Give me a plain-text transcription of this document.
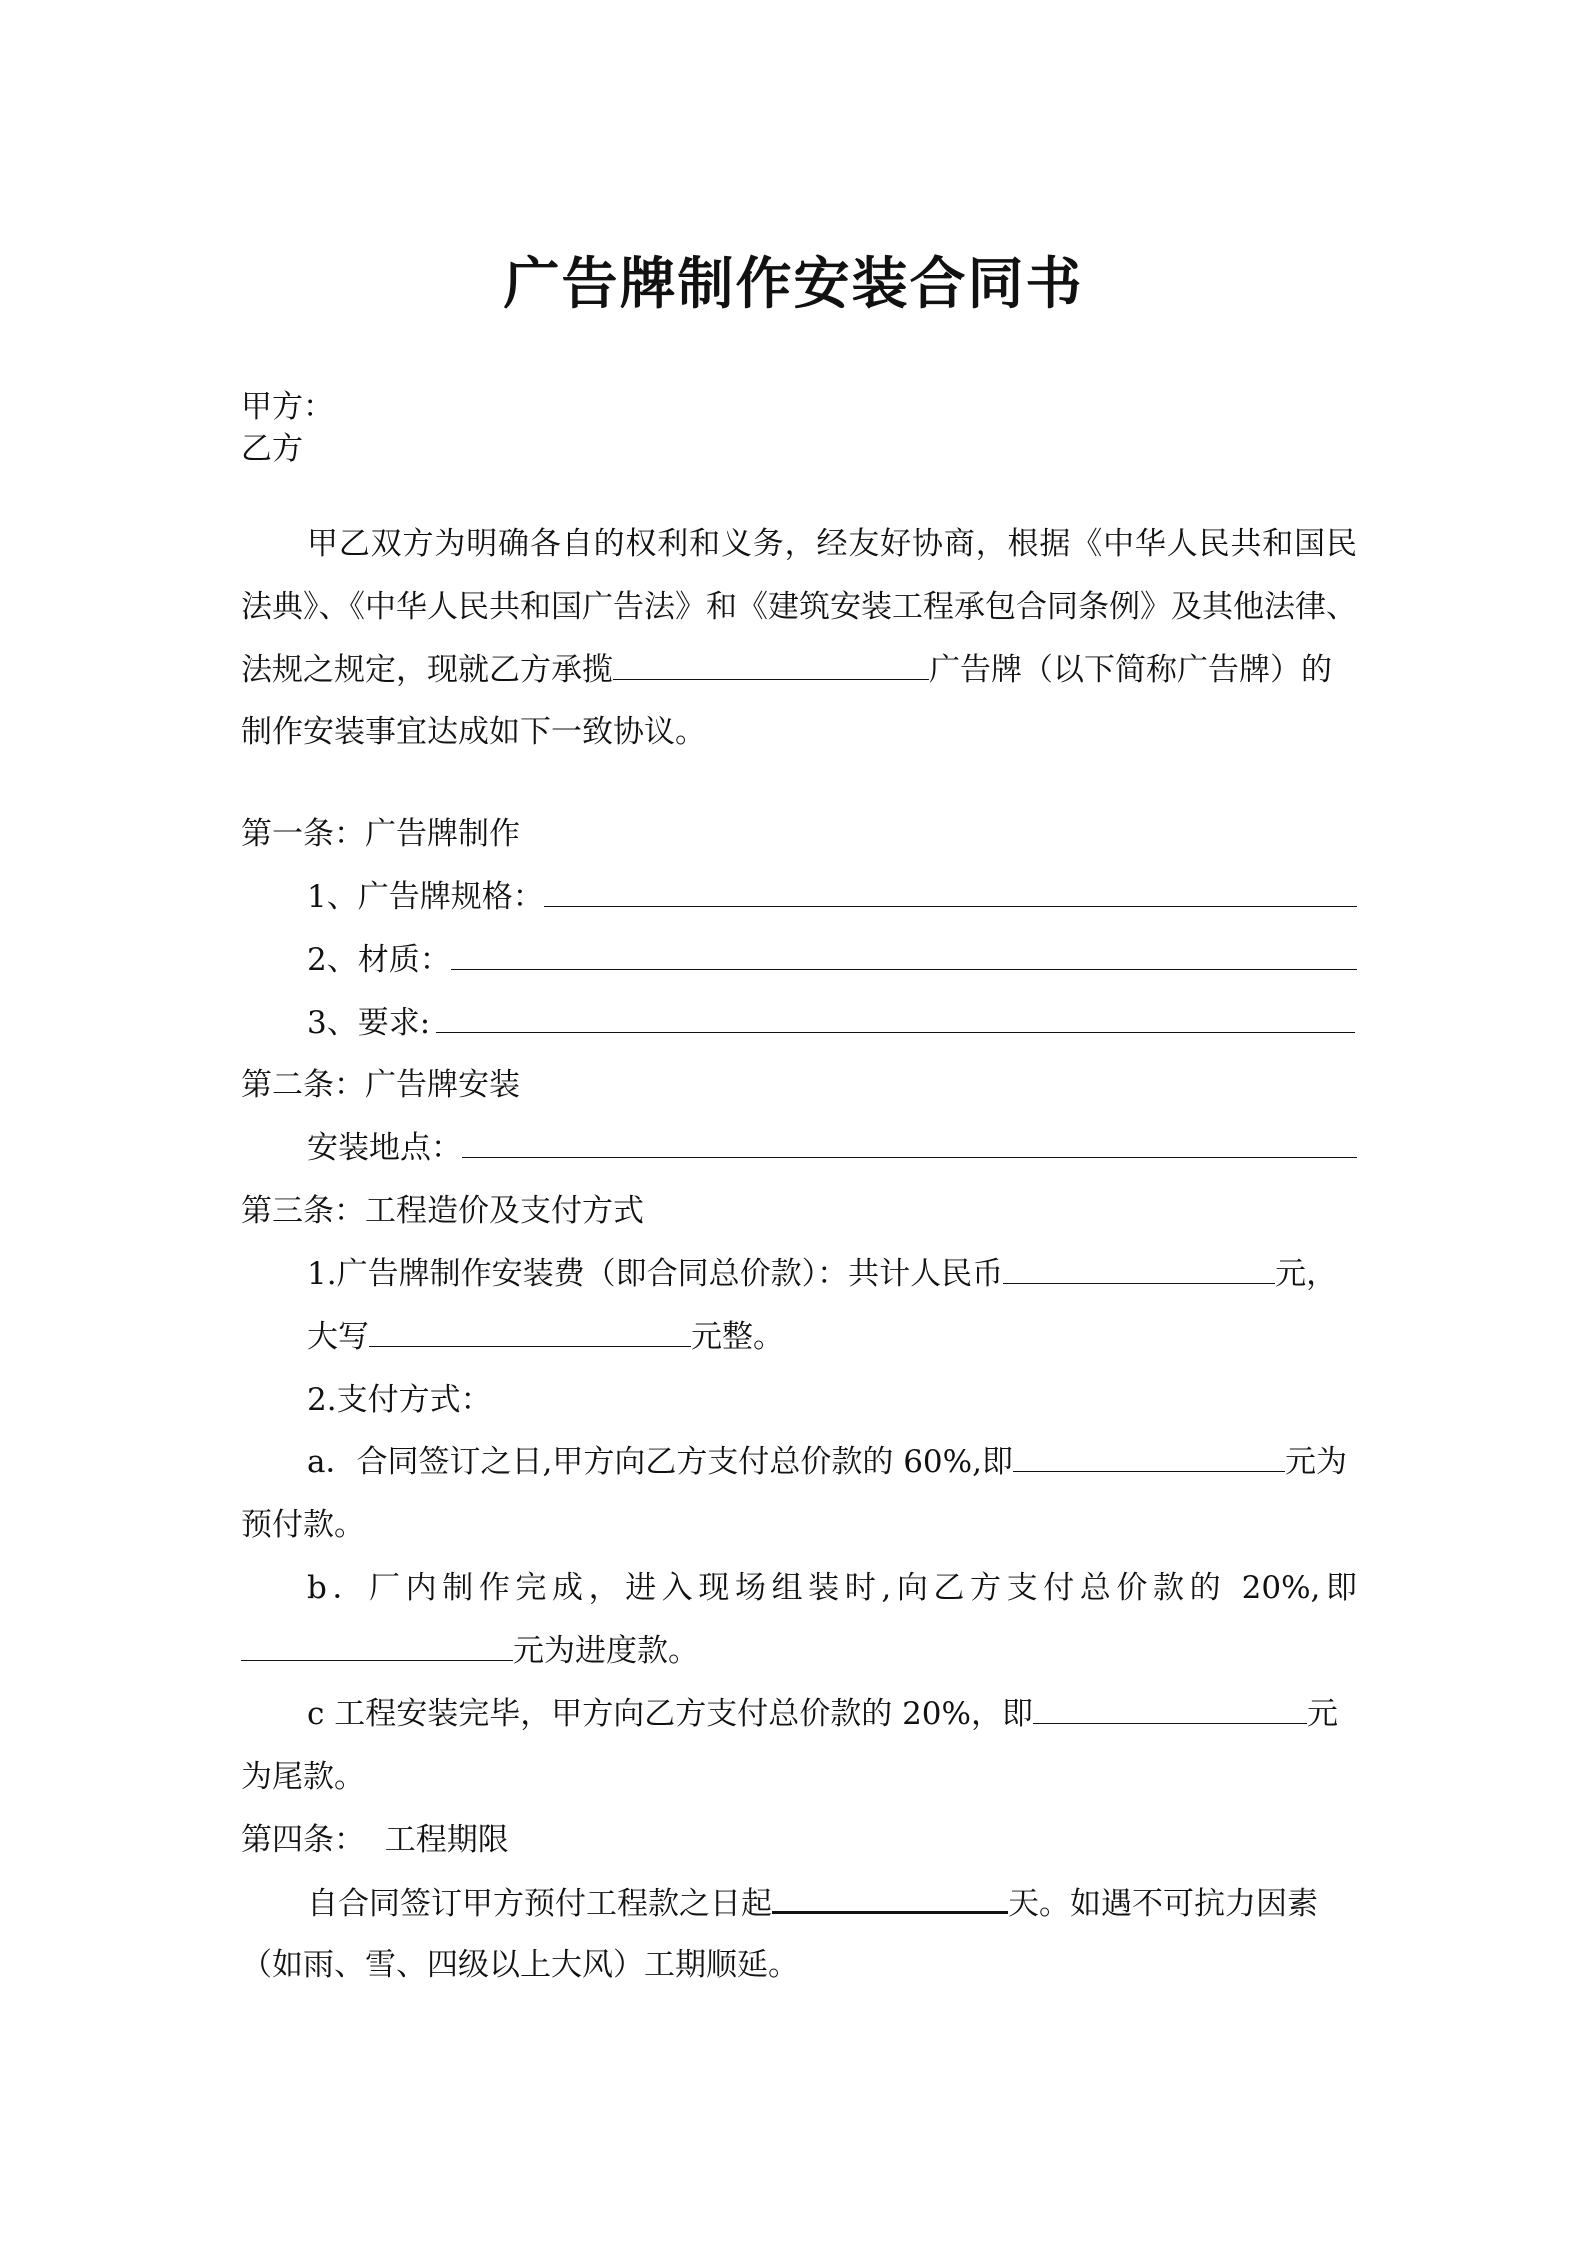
广告牌制作安装合同书
甲方：
乙方
甲乙双方为明确各自的权利和义务，经友好协商，根据《中华人民共和国民
法典》、《中华人民共和国广告法》和《建筑安装工程承包合同条例》及其他法律、
法规之规定，现就乙方承揽	广告牌（以下简称广告牌）的
制作安装事宜达成如下一致协议。
第一条：广告牌制作
1、广告牌规格：
2、材质：
3、要求:
第二条：广告牌安装
安装地点：
第三条：工程造价及支付方式
1.广告牌制作安装费（即合同总价款）：共计人民币	元，
大写	元整。
2.支付方式：
a．合同签订之日,甲方向乙方支付总价款的 60%,即	元为
预付款。
b．厂内制作完成，进入现场组装时,向乙方支付总价款的 20%,即
元为进度款。
c 工程安装完毕，甲方向乙方支付总价款的 20%，即	元
为尾款。
第四条：  工程期限
自合同签订甲方预付工程款之日起	天。如遇不可抗力因素
（如雨、雪、四级以上大风）工期顺延。
